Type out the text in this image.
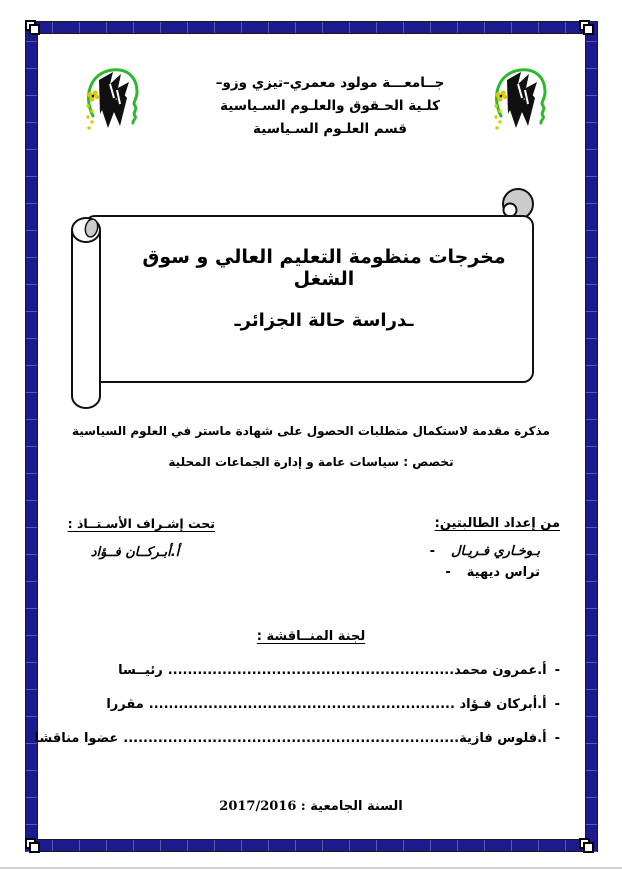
جــامعـــة مولود معمري–تيزي وزو–
كلـية الحـقوق والعلـوم السـياسية
قسم العلـوم السـياسية
مخرجات منظومة التعليم العالي و سوق الشغل
ـدراسة حالة الجزائرـ
مذكرة مقدمة لاستكمال متطلبات الحصول على شهادة ماستر في العلوم السياسية
تخصص : سياسات عامة و إدارة الجماعات المحلية
من إعداد الطالبتين:
- بـوخـاري فـريـال
- تراس ديهية
تحت إشـراف الأسـتــاذ :
أ.أبـركــان فــؤاد
لجنة المنــاقشة :
-أ.عمرون محمد..........................................................رئيــسا
-أ.أبركان فـؤاد ..............................................................مقررا
-أ.فلوس فازية....................................................................عضوا مناقشا
السنة الجامعية : 2017/2016
